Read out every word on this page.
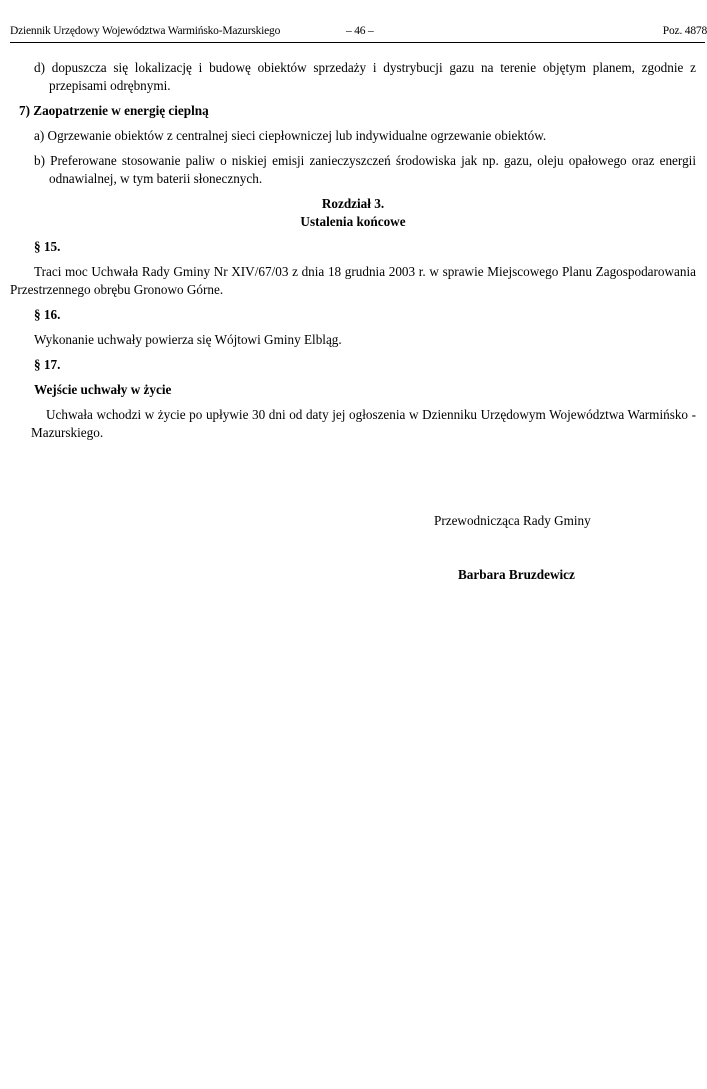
Dziennik Urzędowy Województwa Warmińsko-Mazurskiego	– 46 –	Poz. 4878

d) dopuszcza się lokalizację i budowę obiektów sprzedaży i dystrybucji gazu na terenie objętym planem, zgodnie z przepisami odrębnymi.

7) Zaopatrzenie w energię cieplną

a) Ogrzewanie obiektów z centralnej sieci ciepłowniczej lub indywidualne ogrzewanie obiektów.

b) Preferowane stosowanie paliw o niskiej emisji zanieczyszczeń środowiska jak np. gazu, oleju opałowego oraz energii odnawialnej, w tym baterii słonecznych.

Rozdział 3.

Ustalenia końcowe

§ 15.

Traci moc Uchwała Rady Gminy Nr XIV/67/03 z dnia 18 grudnia 2003 r. w sprawie Miejscowego Planu Zagospodarowania Przestrzennego obrębu Gronowo Górne.

§ 16.

Wykonanie uchwały powierza się Wójtowi Gminy Elbląg.

§ 17.

Wejście uchwały w życie

Uchwała wchodzi w życie po upływie 30 dni od daty jej ogłoszenia w Dzienniku Urzędowym Województwa Warmińsko - Mazurskiego.

Przewodnicząca Rady Gminy
Barbara Bruzdewicz
